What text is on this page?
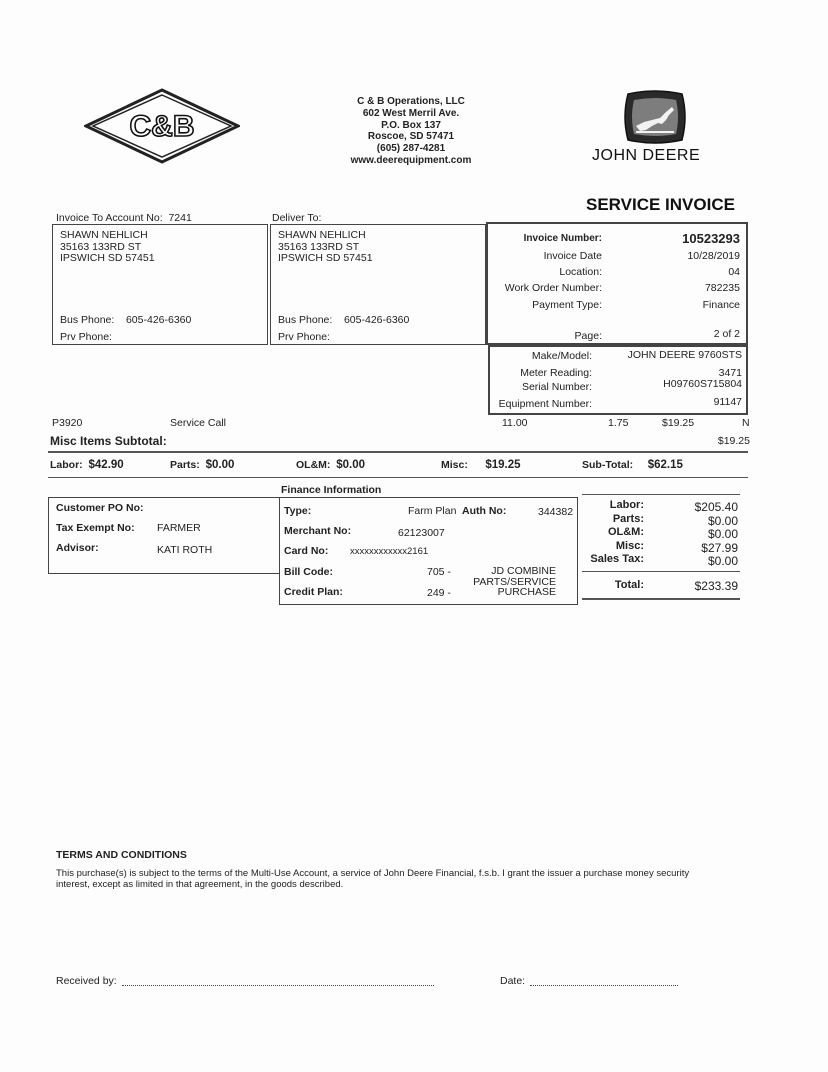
C&B
C & B Operations, LLC
602 West Merril Ave.
P.O. Box 137
Roscoe, SD 57471
(605) 287-4281
www.deerequipment.com	JOHN DEERE
SERVICE INVOICE
Invoice To Account No: 7241	Deliver To:
SHAWN NEHLICH
35163 133RD ST
IPSWICH SD 57451
Bus Phone: 605-426-6360
Prv Phone:
SHAWN NEHLICH
35163 133RD ST
IPSWICH SD 57451
Bus Phone: 605-426-6360
Prv Phone:
Invoice Number:	10523293
Invoice Date	10/28/2019
Location:	04
Work Order Number:	782235
Payment Type:	Finance
Page:	2 of 2
Make/Model:	JOHN DEERE 9760STS
Meter Reading:	3471
Serial Number:	H09760S715804
Equipment Number:	91147
P3920	Service Call	11.00	1.75	$19.25	N
Misc Items Subtotal:	$19.25
Labor: $42.90	Parts: $0.00	OL&M: $0.00	Misc: $19.25	Sub-Total: $62.15
Customer PO No:
Tax Exempt No: FARMER
Advisor:	KATI ROTH
Finance Information
Type:	Farm Plan Auth No:	344382
Merchant No:	62123007
Card No: xxxxxxxxxxxx2161
Bill Code:	705 -
Credit Plan:	249 -
JD COMBINE
PARTS/SERVICE
PURCHASE
Labor:	$205.40
Parts:	$0.00
OL&M:	$0.00
Misc:	$27.99
Sales Tax:	$0.00
Total:	$233.39
TERMS AND CONDITIONS
This purchase(s) is subject to the terms of the Multi-Use Account, a service of John Deere Financial, f.s.b. I grant the issuer a purchase money security
interest, except as limited in that agreement, in the goods described.
Received by:	Date:
